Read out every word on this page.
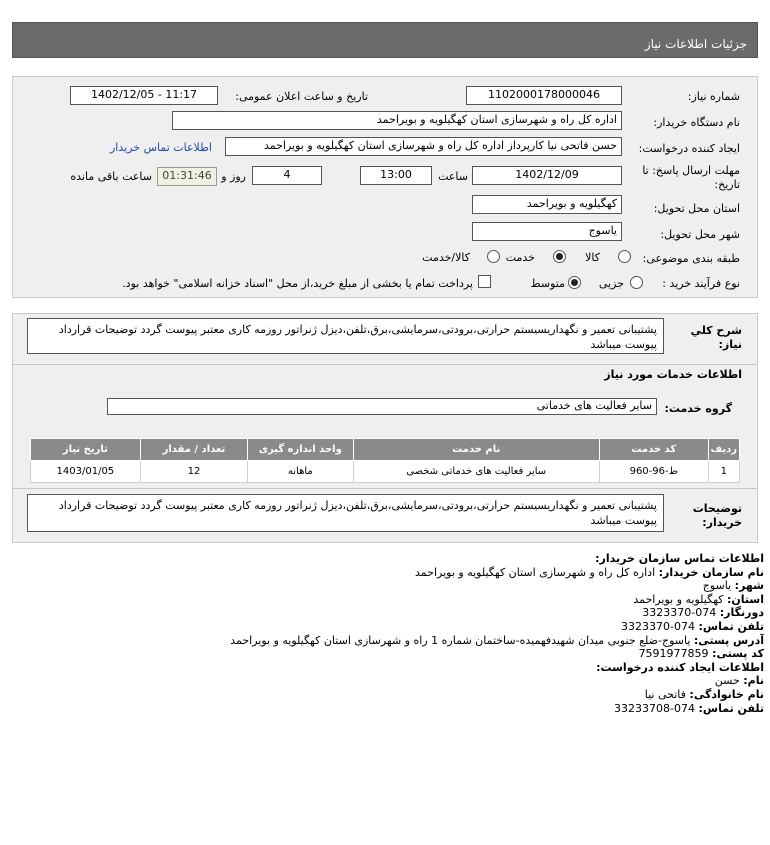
جزئیات اطلاعات نیاز
شماره نیاز:
1102000178000046
تاریخ و ساعت اعلان عمومی:
1402/12/05 - 11:17
نام دستگاه خریدار:
اداره کل راه و شهرسازی استان کهگیلویه و بویراحمد
ایجاد کننده درخواست:
حسن فاتحی نیا کارپرداز اداره کل راه و شهرسازی استان کهگیلویه و بویراحمد
اطلاعات تماس خریدار
مهلت ارسال پاسخ: تا
تاریخ:
1402/12/09
ساعت
13:00
4
روز و
01:31:46
ساعت باقی مانده
استان محل تحویل:
کهگیلویه و بویراحمد
شهر محل تحویل:
یاسوج
طبقه بندی موضوعی:
کالا
خدمت
کالا/خدمت
نوع فرآیند خرید :
جزیی
متوسط
پرداخت تمام یا بخشی از مبلغ خرید،از محل "اسناد خزانه اسلامی" خواهد بود.
شرح کلي
نیاز:
پشتیبانی تعمیر و نگهداریسیستم حرارتی،برودتی،سرمایشی،برق،تلفن،دیزل ژنراتور روزمه کاری معتبر پیوست گردد توضیحات قرارداد پیوست میباشد
اطلاعات خدمات مورد نیاز
گروه خدمت:
سایر فعالیت های خدماتی
ردیف	کد خدمت	نام خدمت	واحد اندازه گیری	تعداد / مقدار	تاریخ نیاز
1	ط-96-960	سایر فعالیت های خدماتی شخصی	ماهانه	12	1403/01/05
توضیحات
خریدار:
پشتیبانی تعمیر و نگهداریسیستم حرارتی،برودتی،سرمایشی،برق،تلفن،دیزل ژنراتور روزمه کاری معتبر پیوست گردد توضیحات قرارداد پیوست میباشد
اطلاعات تماس سازمان خریدار:
نام سازمان خریدار: اداره کل راه و شهرسازی استان کهگیلویه و بویراحمد
شهر: یاسوج
استان: کهگیلویه و بویراحمد
دورنگار: 074-3323370
تلفن تماس: 074-3323370
آدرس پستی: یاسوج-ضلع جنوبی میدان شهیدفهمیده-ساختمان شماره 1 راه و شهرسازی استان کهگیلویه و بویراحمد
کد پستی: 7591977859
اطلاعات ایجاد کننده درخواست:
نام: حسن
نام خانوادگی: فاتحی نیا
تلفن تماس: 074-33233708
